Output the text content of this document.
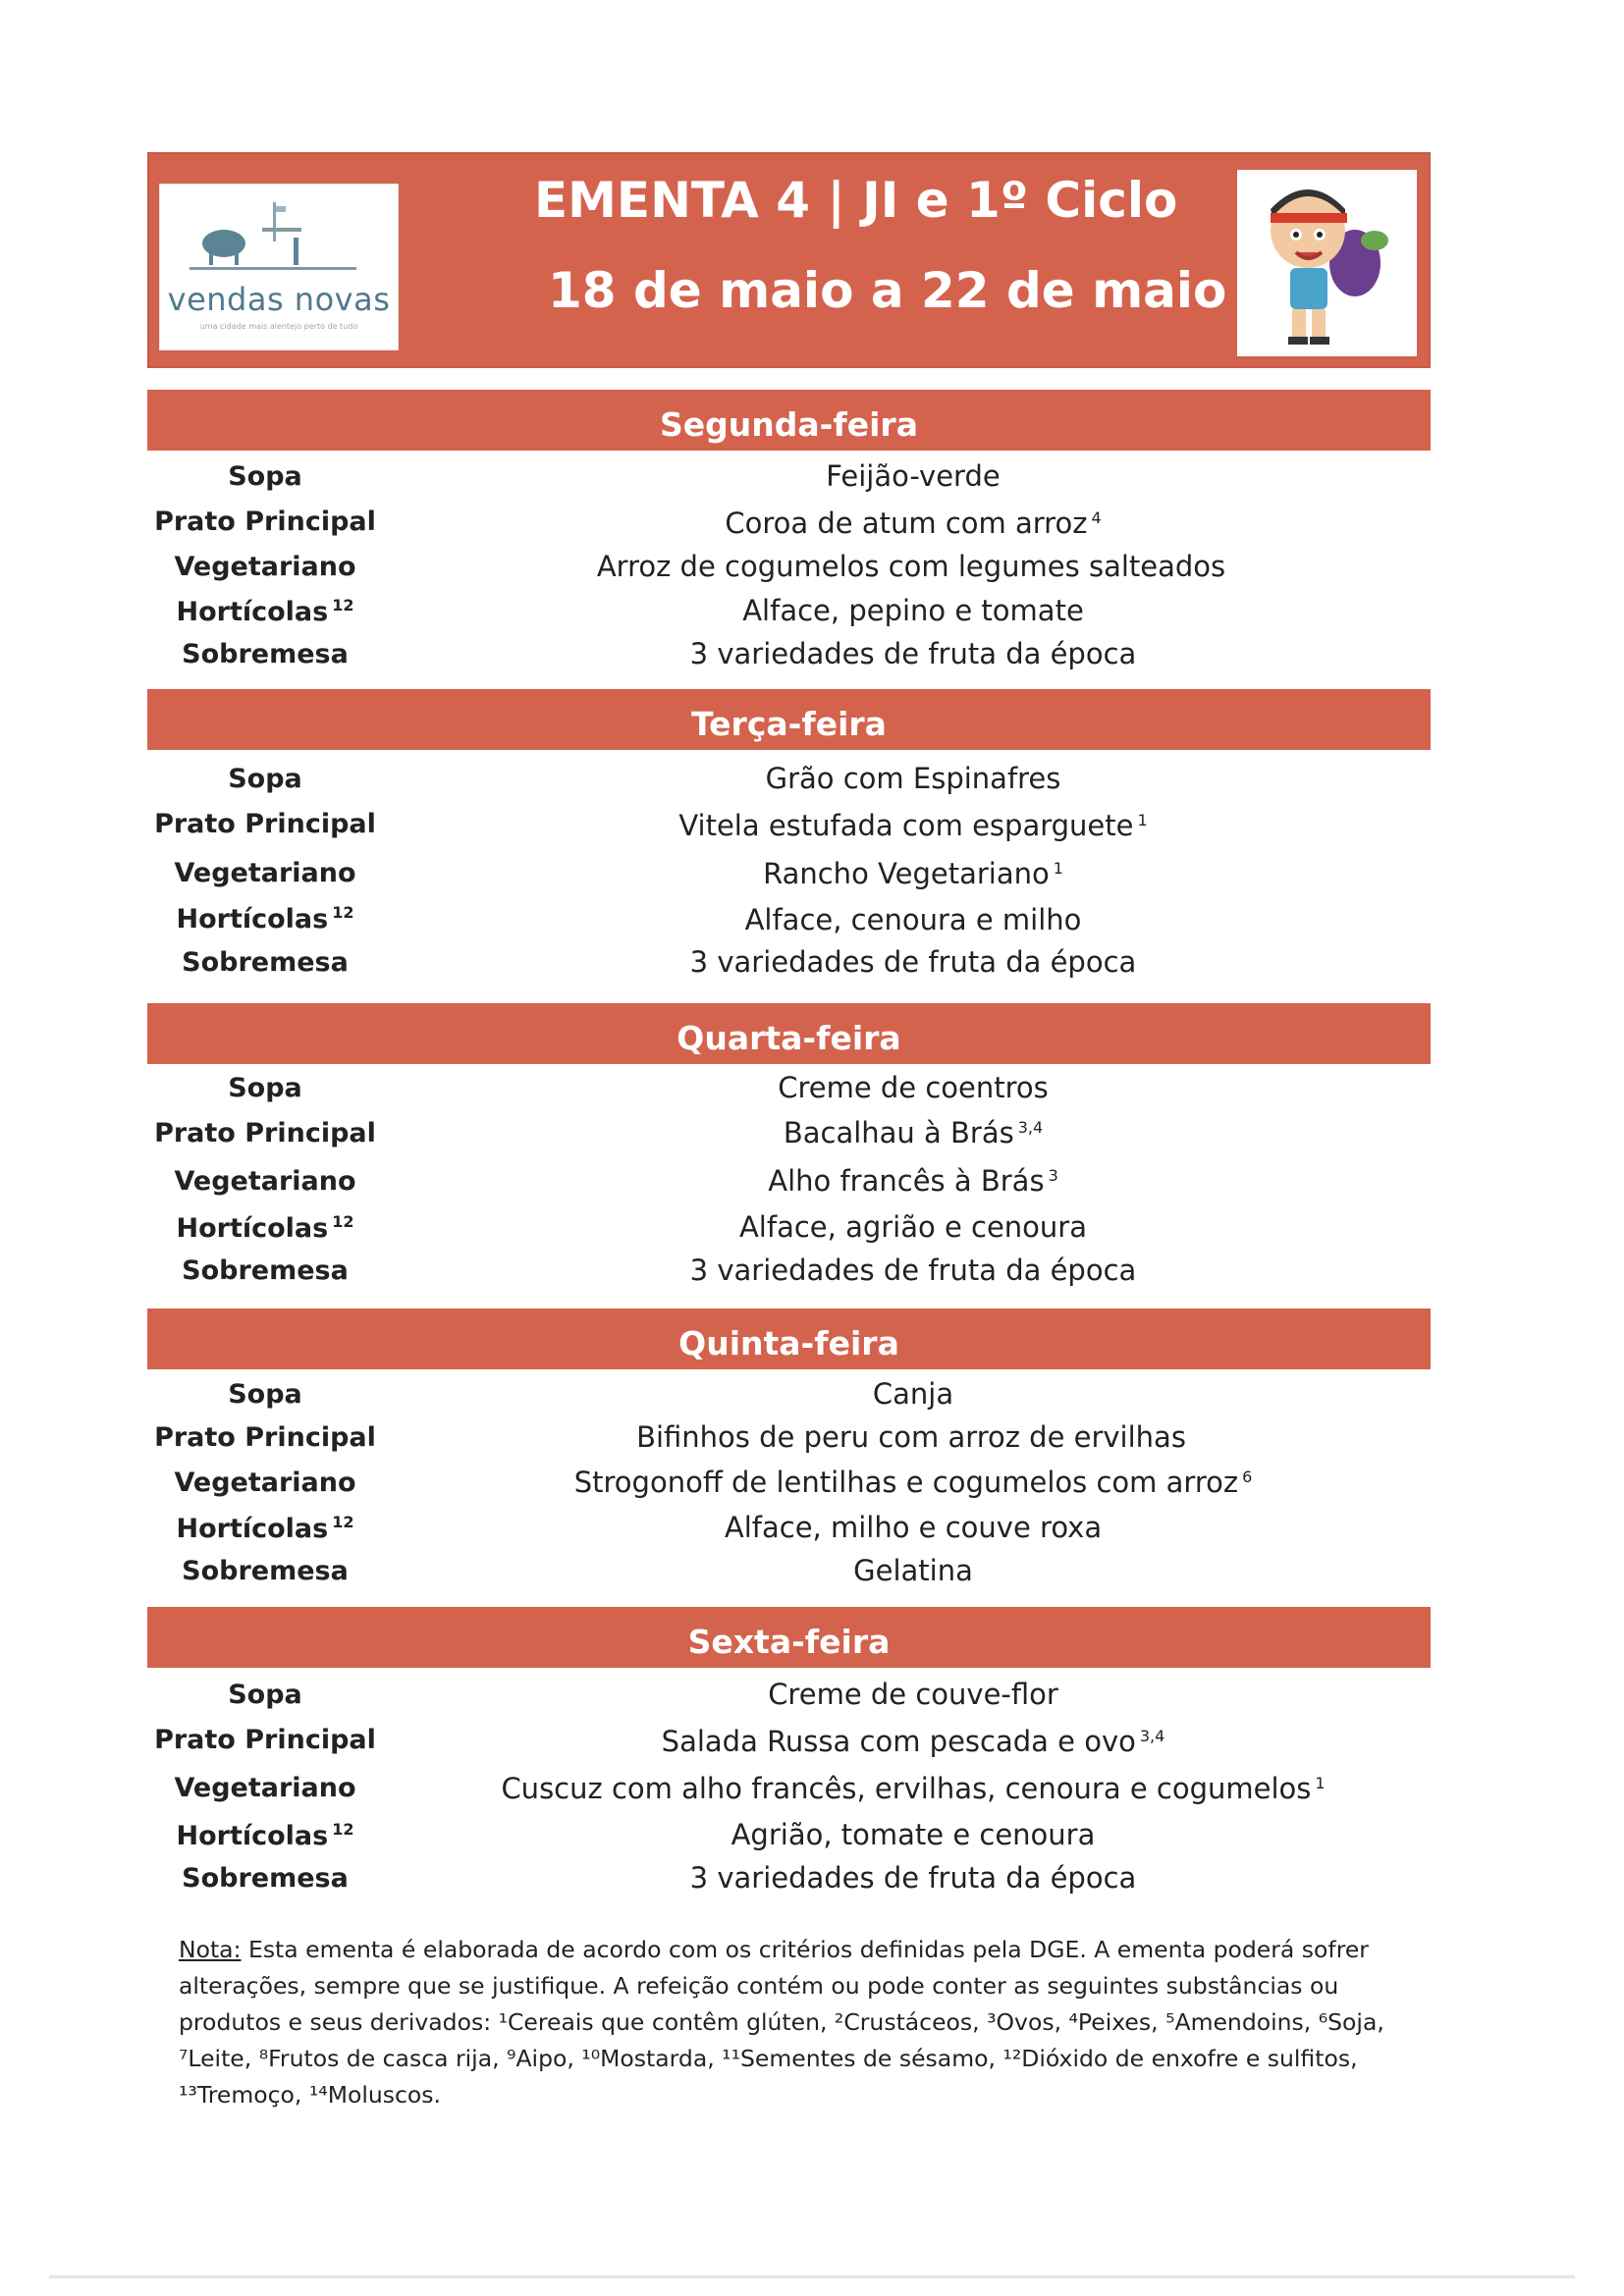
vendas novas
uma cidade mais alentejo perto de tudo
EMENTA 4 | JI e 1º Ciclo
18 de maio a 22 de maio
Segunda-feira
Sopa	Feijão-verde
Prato Principal	Coroa de atum com arroz $^4$
Vegetariano	Arroz de cogumelos com legumes salteados
Hortícolas $^{12}$	Alface, pepino e tomate
Sobremesa	3 variedades de fruta da época
Terça-feira
Sopa	Grão com Espinafres
Prato Principal	Vitela estufada com esparguete $^1$
Vegetariano	Rancho Vegetariano $^1$
Hortícolas $^{12}$	Alface, cenoura e milho
Sobremesa	3 variedades de fruta da época
Quarta-feira
Sopa	Creme de coentros
Prato Principal	Bacalhau à Brás $^{3,4}$
Vegetariano	Alho francês à Brás $^3$
Hortícolas $^{12}$	Alface, agrião e cenoura
Sobremesa	3 variedades de fruta da época
Quinta-feira
Sopa	Canja
Prato Principal	Bifinhos de peru com arroz de ervilhas
Vegetariano	Strogonoff de lentilhas e cogumelos com arroz $^6$
Hortícolas $^{12}$	Alface, milho e couve roxa
Sobremesa	Gelatina
Sexta-feira
Sopa	Creme de couve-flor
Prato Principal	Salada Russa com pescada e ovo $^{3,4}$
Vegetariano	Cuscuz com alho francês, ervilhas, cenoura e cogumelos $^1$
Hortícolas $^{12}$	Agrião, tomate e cenoura
Sobremesa	3 variedades de fruta da época
Nota: Esta ementa é elaborada de acordo com os critérios definidas pela DGE. A ementa poderá sofrer alterações, sempre que se justifique. A refeição contém ou pode conter as seguintes substâncias ou produtos e seus derivados: ¹Cereais que contêm glúten, ²Crustáceos, ³Ovos, ⁴Peixes, ⁵Amendoins, ⁶Soja, ⁷Leite, ⁸Frutos de casca rija, ⁹Aipo, ¹⁰Mostarda, ¹¹Sementes de sésamo, ¹²Dióxido de enxofre e sulfitos, ¹³Tremoço, ¹⁴Moluscos.
